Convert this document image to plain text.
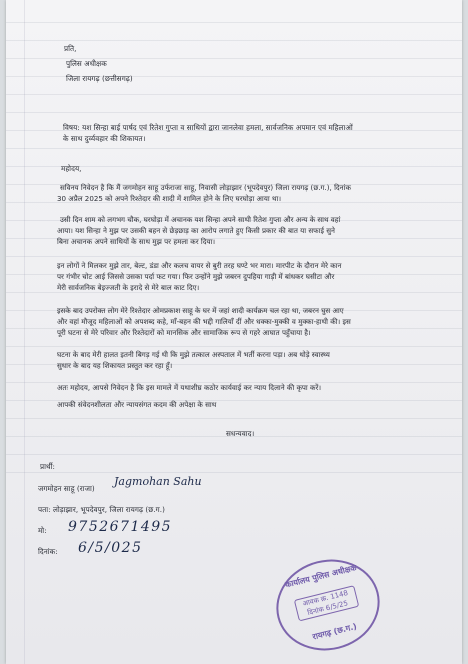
प्रति,
पुलिस अधीक्षक
जिला रायगढ़ (छत्तीसगढ़)
विषय: यश सिन्हा बाई पार्षद एवं रितेश गुप्ता व साथियों द्वारा जानलेवा हमला, सार्वजनिक अपमान एवं महिलाओं
के साथ दुर्व्यवहार की शिकायत।
महोदय,
सविनय निवेदन है कि मैं जगमोहन साहू उर्फराजा साहू, निवासी लोड़ाझार (भूपदेवपुर) जिला रायगढ़ (छ.ग.), दिनांक
30 अप्रैल 2025 को अपने रिश्तेदार की शादी में शामिल होने के लिए घरघोड़ा आया था।
उसी दिन शाम को लगभग चौक, घरघोड़ा में अचानक यश सिन्हा अपने साथी रितेश गुप्ता और अन्य के साथ वहां
आया। यश सिन्हा ने मुझ पर उसकी बहन से छेड़छाड़ का आरोप लगाते हुए किसी प्रकार की बात या सफाई सुने
बिना अचानक अपने साथियों के साथ मुझ पर हमला कर दिया।
इन लोगों ने मिलकर मुझे तार, बेल्ट, डंडा और कलच वायर से बुरी तरह घण्टे भर मारा। मारपीट के दौरान मेरे कान
पर गंभीर चोट आई जिससे उसका पर्दा फट गया। फिर उन्होंने मुझे जबरन दुपहिया गाड़ी में बांधकर घसीटा और
मेरी सार्वजनिक बेइज्जती के इरादे से मेरे बाल काट दिए।
इसके बाद उपरोक्त लोग मेरे रिश्तेदार ओमप्रकाश साहू के घर में जहां शादी कार्यक्रम चल रहा था, जबरन घुस आए
और वहां मौजूद महिलाओं को अपशब्द कहे, माँ-बहन की भद्दी गालियाँ दीं और धक्का-मुक्की व मुक्का-हाथी की। इस
पूरी घटना से मेरे परिवार और रिश्तेदारों को मानसिक और सामाजिक रूप से गहरे आघात पहुँचाया है।
घटना के बाद मेरी हालत इतनी बिगड़ गई थी कि मुझे तत्काल अस्पताल में भर्ती करना पड़ा। अब थोड़े स्वास्थ्य
सुधार के बाद यह शिकायत प्रस्तुत कर रहा हूँ।
अतः महोदय, आपसे निवेदन है कि इस मामले में यथाशीघ्र कठोर कार्यवाई कर न्याय दिलाने की कृपा करें।
आपकी संवेदनशीलता और न्यायसंगत कदम की अपेक्षा के साथ
सधन्यवाद।
प्रार्थी:
जगमोहन साहू (राजा)
Jagmohan Sahu
पता: लोड़ाझार, भूपदेवपुर, जिला रायगढ़ (छ.ग.)
मो: 9752671495
दिनांक: 6/5/025
कार्यालय पुलिस अधीक्षक
आवक क्र. 1148 दिनांक 6/5/25
रायगढ़ (छ.ग.)
